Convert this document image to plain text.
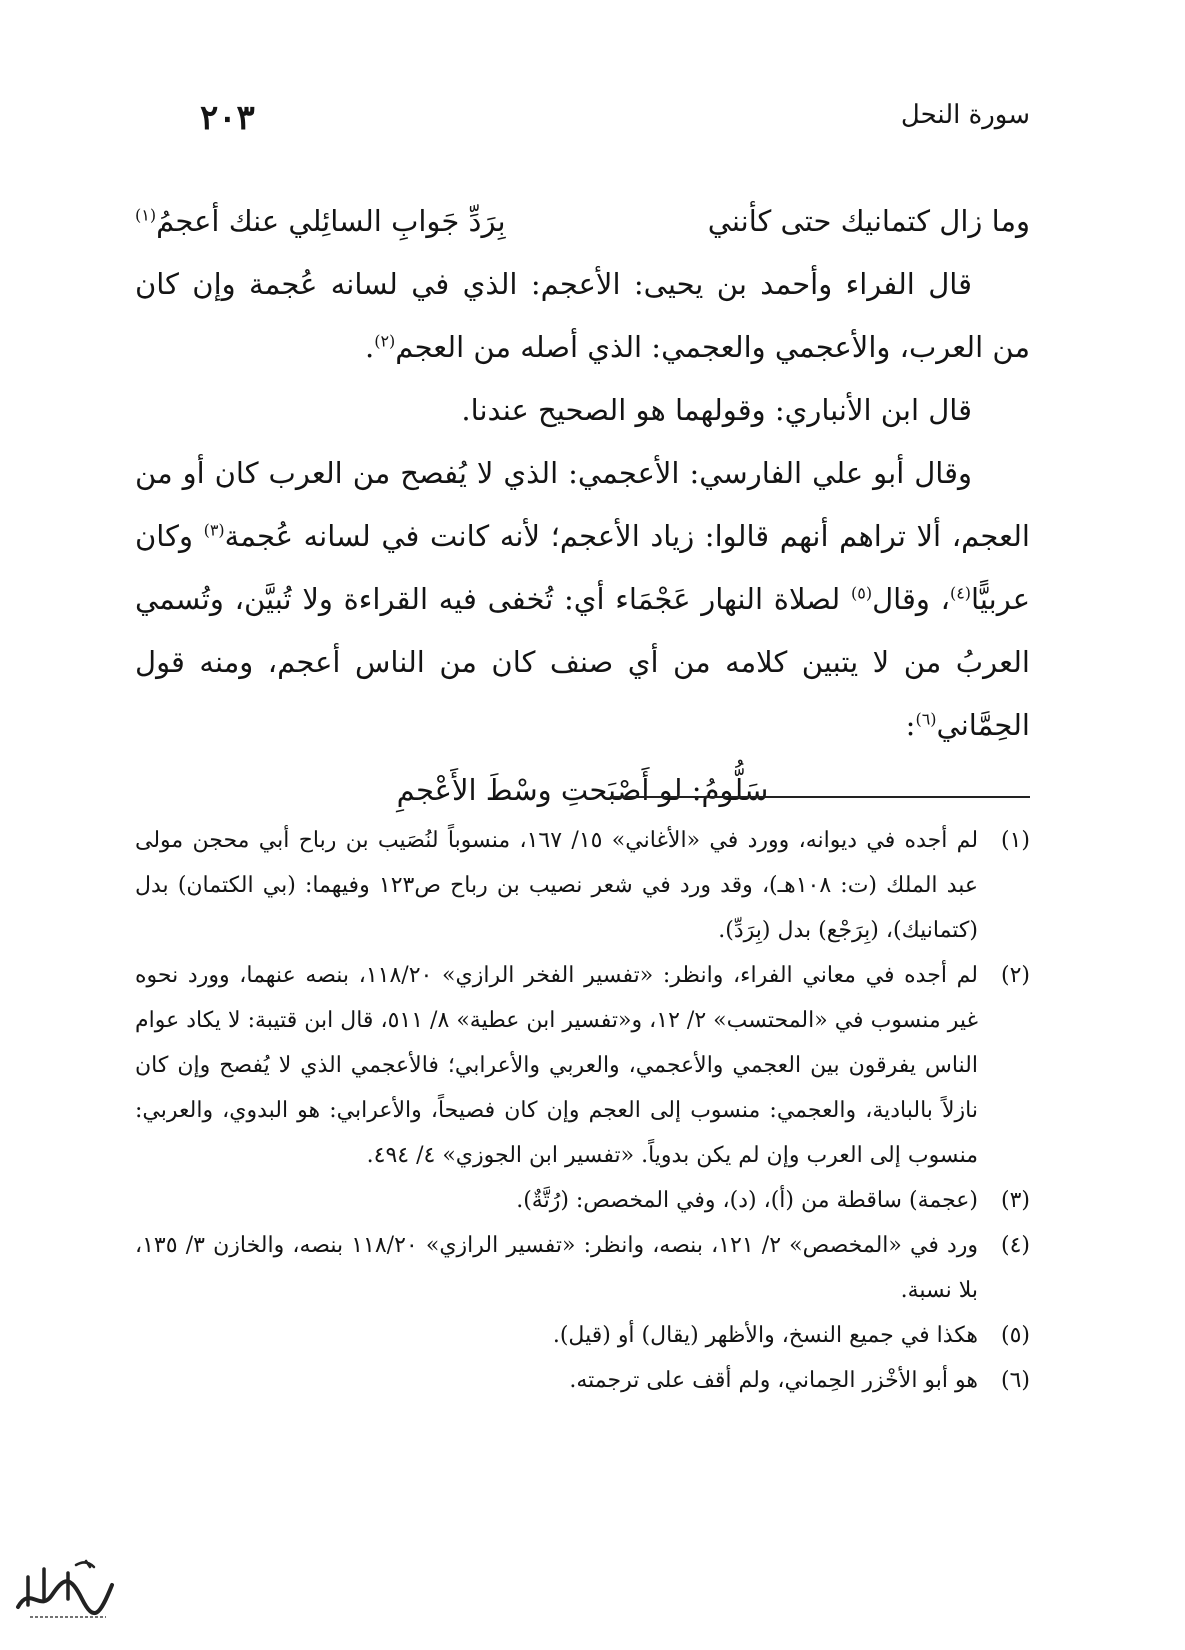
٢٠٣	سورة النحل
وما زال كتمانيك حتى كأنني
بِرَدِّ جَوابِ السائِلي عنك أعجمُ$^{(١)}$

قال الفراء وأحمد بن يحيى: الأعجم: الذي في لسانه عُجمة وإن كان من العرب، والأعجمي والعجمي: الذي أصله من العجم$^{(٢)}$.

قال ابن الأنباري: وقولهما هو الصحيح عندنا.

وقال أبو علي الفارسي: الأعجمي: الذي لا يُفصح من العرب كان أو من العجم، ألا تراهم أنهم قالوا: زياد الأعجم؛ لأنه كانت في لسانه عُجمة$^{(٣)}$ وكان عربيًّا$^{(٤)}$، وقال$^{(٥)}$ لصلاة النهار عَجْمَاء أي: تُخفى فيه القراءة ولا تُبيَّن، وتُسمي العربُ من لا يتبين كلامه من أي صنف كان من الناس أعجم، ومنه قول الحِمَّاني$^{(٦)}$:

سَلُّومُ: لو أَصْبَحتِ وسْطَ الأَعْجمِ

(١)
لم أجده في ديوانه، وورد في «الأغاني» ١٥/ ١٦٧، منسوباً لنُصَيب بن رباح أبي محجن مولى عبد الملك (ت: ١٠٨هـ)، وقد ورد في شعر نصيب بن رباح ص١٢٣ وفيهما: (بي الكتمان) بدل (كتمانيك)، (بِرَجْع) بدل (بِرَدِّ).
(٢)
لم أجده في معاني الفراء، وانظر: «تفسير الفخر الرازي» ١١٨/٢٠، بنصه عنهما، وورد نحوه غير منسوب في «المحتسب» ٢/ ١٢، و«تفسير ابن عطية» ٨/ ٥١١، قال ابن قتيبة: لا يكاد عوام الناس يفرقون بين العجمي والأعجمي، والعربي والأعرابي؛ فالأعجمي الذي لا يُفصح وإن كان نازلاً بالبادية، والعجمي: منسوب إلى العجم وإن كان فصيحاً، والأعرابي: هو البدوي، والعربي: منسوب إلى العرب وإن لم يكن بدوياً. «تفسير ابن الجوزي» ٤/ ٤٩٤.
(٣)
(عجمة) ساقطة من (أ)، (د)، وفي المخصص: (رُتَّةٌ).
(٤)
ورد في «المخصص» ٢/ ١٢١، بنصه، وانظر: «تفسير الرازي» ١١٨/٢٠ بنصه، والخازن ٣/ ١٣٥، بلا نسبة.
(٥)
هكذا في جميع النسخ، والأظهر (يقال) أو (قيل).
(٦)
هو أبو الأخْزر الحِماني، ولم أقف على ترجمته.
